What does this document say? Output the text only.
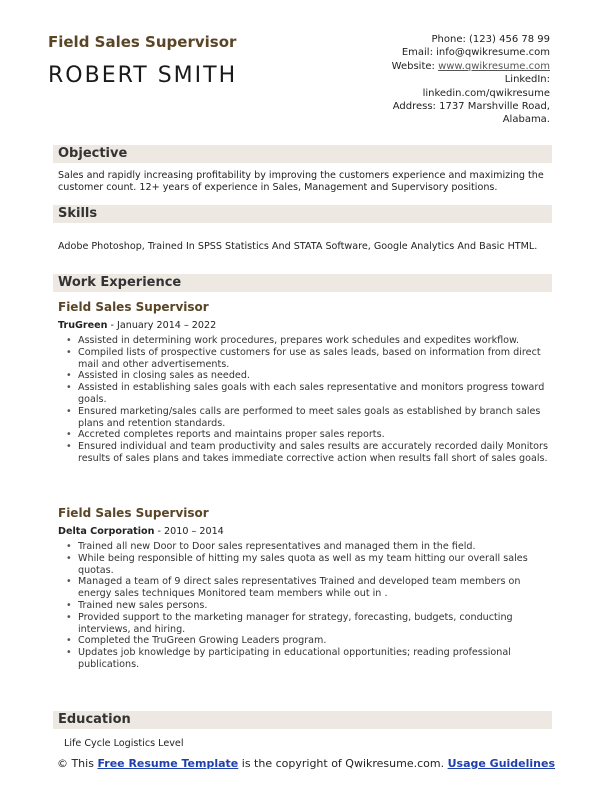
Field Sales Supervisor
ROBERT SMITH
Phone: (123) 456 78 99
Email: info@qwikresume.com
Website: www.qwikresume.com
LinkedIn:
linkedin.com/qwikresume
Address: 1737 Marshville Road,
Alabama.
Objective
Sales and rapidly increasing profitability by improving the customers experience and maximizing the customer count. 12+ years of experience in Sales, Management and Supervisory positions.
Skills
Adobe Photoshop, Trained In SPSS Statistics And STATA Software, Google Analytics And Basic HTML.
Work Experience
Field Sales Supervisor
TruGreen - January 2014 – 2022
• Assisted in determining work procedures, prepares work schedules and expedites workflow.
• Compiled lists of prospective customers for use as sales leads, based on information from direct mail and other advertisements.
• Assisted in closing sales as needed.
• Assisted in establishing sales goals with each sales representative and monitors progress toward goals.
• Ensured marketing/sales calls are performed to meet sales goals as established by branch sales plans and retention standards.
• Accreted completes reports and maintains proper sales reports.
• Ensured individual and team productivity and sales results are accurately recorded daily Monitors results of sales plans and takes immediate corrective action when results fall short of sales goals.
Field Sales Supervisor
Delta Corporation - 2010 – 2014
• Trained all new Door to Door sales representatives and managed them in the field.
• While being responsible of hitting my sales quota as well as my team hitting our overall sales quotas.
• Managed a team of 9 direct sales representatives Trained and developed team members on energy sales techniques Monitored team members while out in .
• Trained new sales persons.
• Provided support to the marketing manager for strategy, forecasting, budgets, conducting interviews, and hiring.
• Completed the TruGreen Growing Leaders program.
• Updates job knowledge by participating in educational opportunities; reading professional publications.
Education
Life Cycle Logistics Level
© This Free Resume Template is the copyright of Qwikresume.com. Usage Guidelines
